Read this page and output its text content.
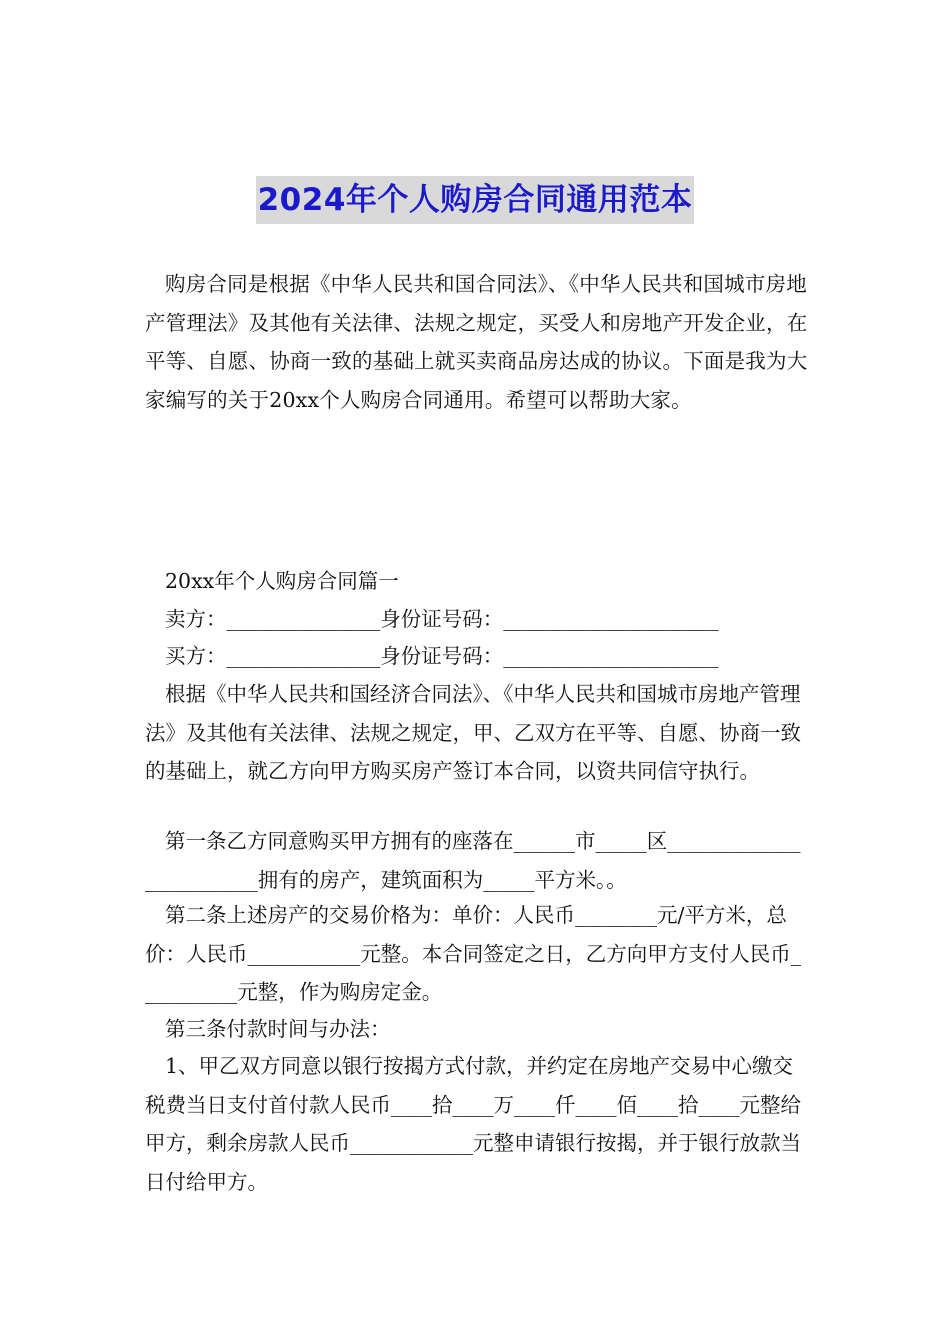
2024年个人购房合同通用范本
购房合同是根据《中华人民共和国合同法》、《中华人民共和国城市房地产管理法》及其他有关法律、法规之规定，买受人和房地产开发企业，在平等、自愿、协商一致的基础上就买卖商品房达成的协议。下面是我为大家编写的关于20xx个人购房合同通用。希望可以帮助大家。
20xx年个人购房合同篇一
卖方：_______________身份证号码：_____________________
买方：_______________身份证号码：_____________________
根据《中华人民共和国经济合同法》、《中华人民共和国城市房地产管理法》及其他有关法律、法规之规定，甲、乙双方在平等、自愿、协商一致的基础上，就乙方向甲方购买房产签订本合同，以资共同信守执行。
第一条乙方同意购买甲方拥有的座落在______市_____区________________________拥有的房产，建筑面积为_____平方米。。
第二条上述房产的交易价格为：单价：人民币________元/平方米，总价：人民币___________元整。本合同签定之日，乙方向甲方支付人民币__________元整，作为购房定金。
第三条付款时间与办法：
1、甲乙双方同意以银行按揭方式付款，并约定在房地产交易中心缴交税费当日支付首付款人民币____拾____万____仟____佰____拾____元整给甲方，剩余房款人民币____________元整申请银行按揭，并于银行放款当日付给甲方。
